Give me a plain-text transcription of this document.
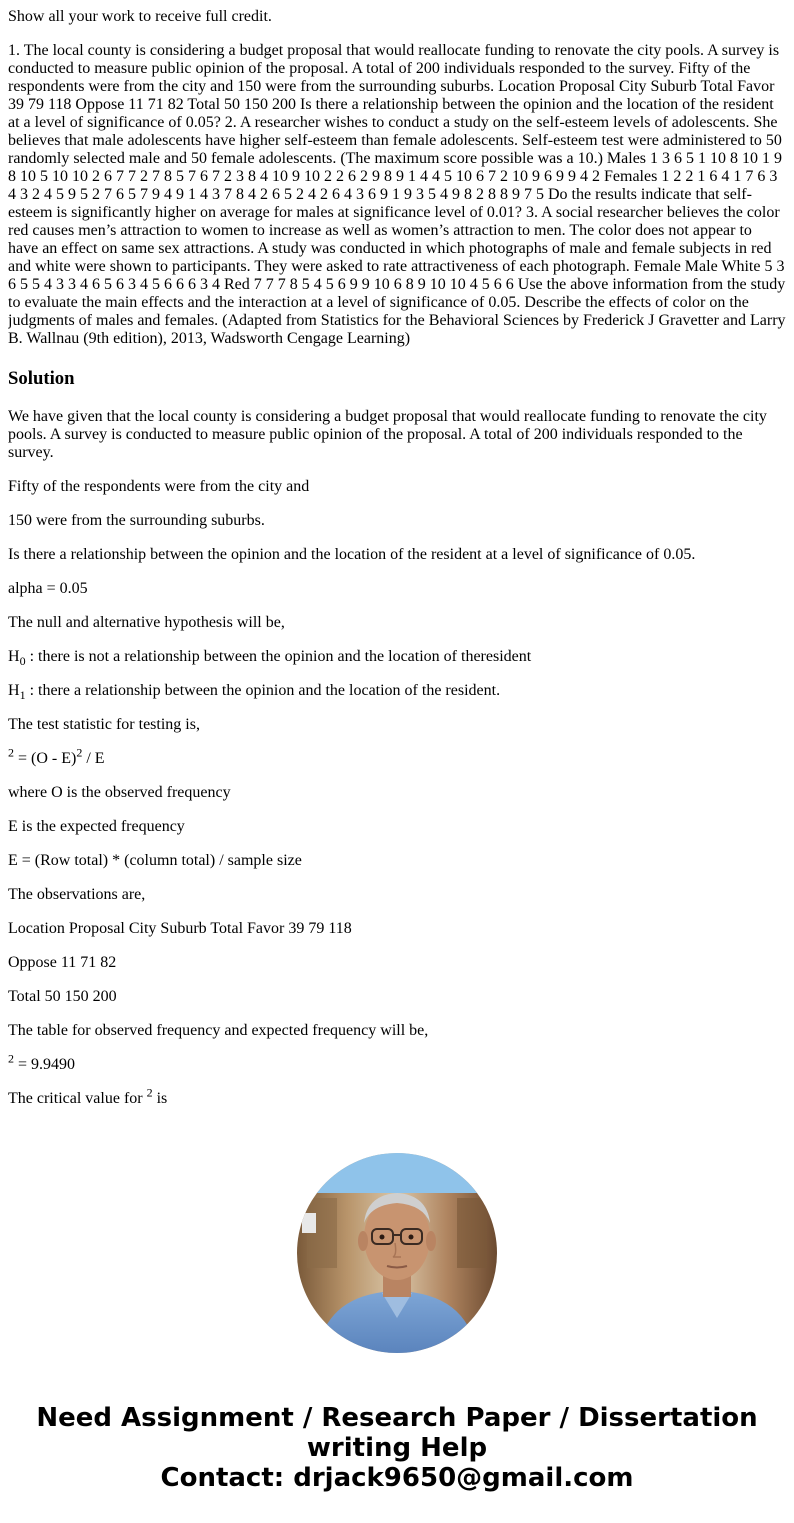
Show all your work to receive full credit.

1. The local county is considering a budget proposal that would reallocate funding to renovate the city pools. A survey is conducted to measure public opinion of the proposal. A total of 200 individuals responded to the survey. Fifty of the respondents were from the city and 150 were from the surrounding suburbs. Location Proposal City Suburb Total Favor 39 79 118 Oppose 11 71 82 Total 50 150 200 Is there a relationship between the opinion and the location of the resident at a level of significance of 0.05? 2. A researcher wishes to conduct a study on the self-esteem levels of adolescents. She believes that male adolescents have higher self-esteem than female adolescents. Self-esteem test were administered to 50 randomly selected male and 50 female adolescents. (The maximum score possible was a 10.) Males 1 3 6 5 1 10 8 10 1 9 8 10 5 10 10 2 6 7 7 2 7 8 5 7 6 7 2 3 8 4 10 9 10 2 2 6 2 9 8 9 1 4 4 5 10 6 7 2 10 9 6 9 9 4 2 Females 1 2 2 1 6 4 1 7 6 3 4 3 2 4 5 9 5 2 7 6 5 7 9 4 9 1 4 3 7 8 4 2 6 5 2 4 2 6 4 3 6 9 1 9 3 5 4 9 8 2 8 8 9 7 5 Do the results indicate that self-esteem is significantly higher on average for males at significance level of 0.01? 3. A social researcher believes the color red causes men’s attraction to women to increase as well as women’s attraction to men. The color does not appear to have an effect on same sex attractions. A study was conducted in which photographs of male and female subjects in red and white were shown to participants. They were asked to rate attractiveness of each photograph. Female Male White 5 3 6 5 5 4 3 3 4 6 5 6 3 4 5 6 6 6 3 4 Red 7 7 7 8 5 4 5 6 9 9 10 6 8 9 10 10 4 5 6 6 Use the above information from the study to evaluate the main effects and the interaction at a level of significance of 0.05. Describe the effects of color on the judgments of males and females. (Adapted from Statistics for the Behavioral Sciences by Frederick J Gravetter and Larry B. Wallnau (9th edition), 2013, Wadsworth Cengage Learning)

Solution

We have given that the local county is considering a budget proposal that would reallocate funding to renovate the city pools. A survey is conducted to measure public opinion of the proposal. A total of 200 individuals responded to the survey.

Fifty of the respondents were from the city and

150 were from the surrounding suburbs.

Is there a relationship between the opinion and the location of the resident at a level of significance of 0.05.

alpha = 0.05

The null and alternative hypothesis will be,

$H_0$ : there is not a relationship between the opinion and the location of theresident

$H_1$ : there a relationship between the opinion and the location of the resident.

The test statistic for testing is,

$^2$ = (O - E)$^2$ / E

where O is the observed frequency

E is the expected frequency

E = (Row total) * (column total) / sample size

The observations are,

Location Proposal City Suburb Total Favor 39 79 118

Oppose 11 71 82

Total 50 150 200

The table for observed frequency and expected frequency will be,

$^2$ = 9.9490

The critical value for $^2$ is

Need Assignment / Research Paper / Dissertation
writing Help
Contact: drjack9650@gmail.com
